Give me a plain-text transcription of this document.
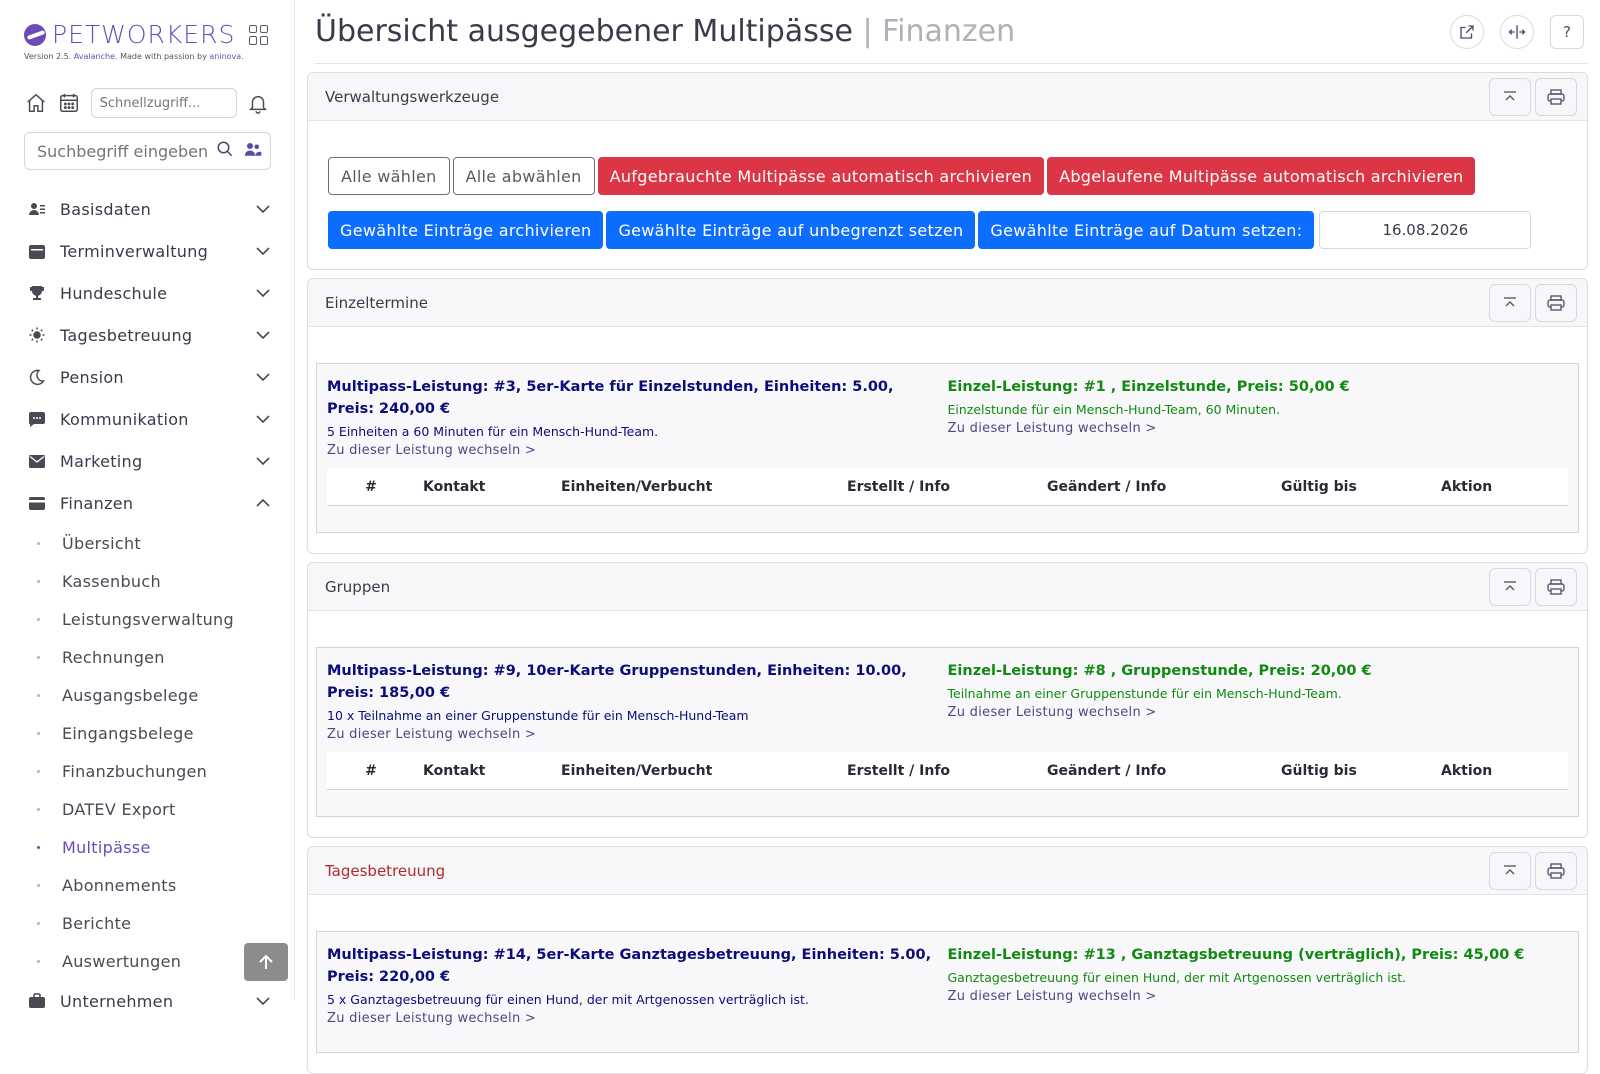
PETWORKERS
Version 2.5. Avalanche. Made with passion by aninova.
Schnellzugriff...
Suchbegriff eingeben
Basisdaten
Terminverwaltung
Hundeschule
Tagesbetreuung
Pension
Kommunikation
Marketing
Finanzen
Übersicht
Kassenbuch
Leistungsverwaltung
Rechnungen
Ausgangsbelege
Eingangsbelege
Finanzbuchungen
DATEV Export
Multipässe
Abonnements
Berichte
Auswertungen
Unternehmen
Übersicht ausgegebener Multipässe | Finanzen	?
Verwaltungswerkzeuge
Alle wählen	Alle abwählen	Aufgebrauchte Multipässe automatisch archivieren	Abgelaufene Multipässe automatisch archivieren
Gewählte Einträge archivieren	Gewählte Einträge auf unbegrenzt setzen	Gewählte Einträge auf Datum setzen:	16.08.2026
Einzeltermine
Multipass-Leistung: #3, 5er-Karte für Einzelstunden, Einheiten: 5.00, Preis: 240,00 €
5 Einheiten a 60 Minuten für ein Mensch-Hund-Team.
Zu dieser Leistung wechseln >
Einzel-Leistung: #1 , Einzelstunde, Preis: 50,00 €
Einzelstunde für ein Mensch-Hund-Team, 60 Minuten.
Zu dieser Leistung wechseln >
#	Kontakt	Einheiten/Verbucht	Erstellt / Info	Geändert / Info	Gültig bis	Aktion
Gruppen
Multipass-Leistung: #9, 10er-Karte Gruppenstunden, Einheiten: 10.00, Preis: 185,00 €
10 x Teilnahme an einer Gruppenstunde für ein Mensch-Hund-Team
Zu dieser Leistung wechseln >
Einzel-Leistung: #8 , Gruppenstunde, Preis: 20,00 €
Teilnahme an einer Gruppenstunde für ein Mensch-Hund-Team.
Zu dieser Leistung wechseln >
#	Kontakt	Einheiten/Verbucht	Erstellt / Info	Geändert / Info	Gültig bis	Aktion
Tagesbetreuung
Multipass-Leistung: #14, 5er-Karte Ganztagesbetreuung, Einheiten: 5.00, Preis: 220,00 €
5 x Ganztagesbetreuung für einen Hund, der mit Artgenossen verträglich ist.
Zu dieser Leistung wechseln >
Einzel-Leistung: #13 , Ganztagsbetreuung (verträglich), Preis: 45,00 €
Ganztagesbetreuung für einen Hund, der mit Artgenossen verträglich ist.
Zu dieser Leistung wechseln >
